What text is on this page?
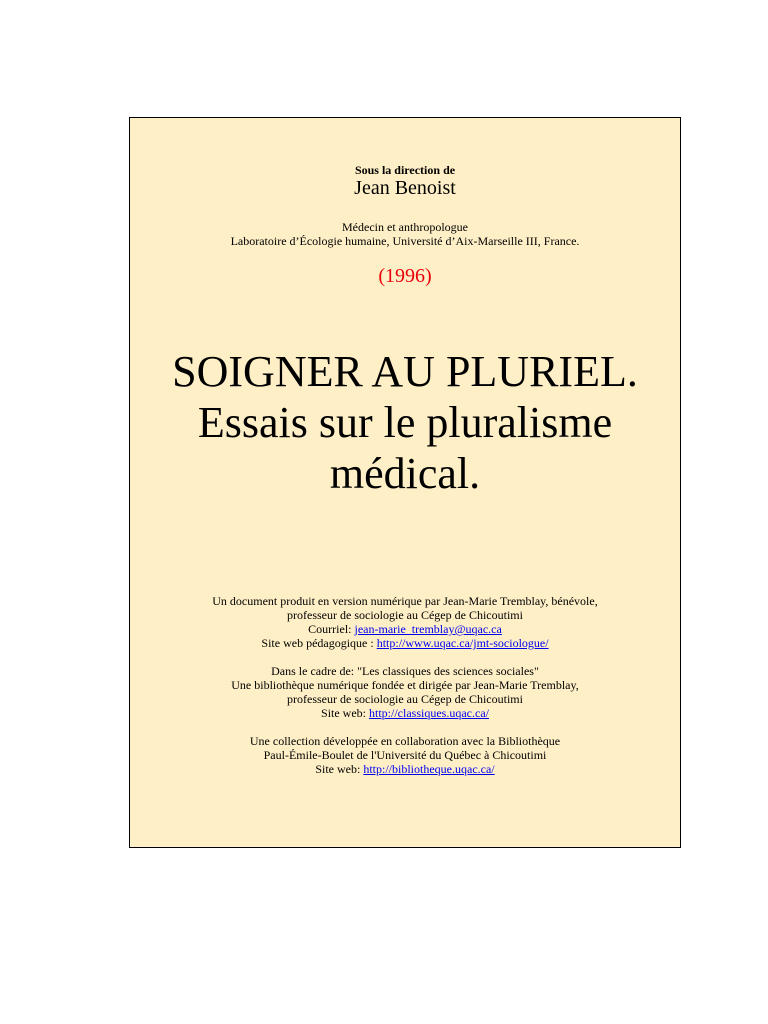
Sous la direction de
Jean Benoist
Médecin et anthropologue
Laboratoire d’Écologie humaine, Université d’Aix-Marseille III, France.
(1996)
SOIGNER AU PLURIEL.
Essais sur le pluralisme
médical.
Un document produit en version numérique par Jean-Marie Tremblay, bénévole,
professeur de sociologie au Cégep de Chicoutimi
Courriel: jean-marie_tremblay@uqac.ca
Site web pédagogique : http://www.uqac.ca/jmt-sociologue/
Dans le cadre de: "Les classiques des sciences sociales"
Une bibliothèque numérique fondée et dirigée par Jean-Marie Tremblay,
professeur de sociologie au Cégep de Chicoutimi
Site web: http://classiques.uqac.ca/
Une collection développée en collaboration avec la Bibliothèque
Paul-Émile-Boulet de l'Université du Québec à Chicoutimi
Site web: http://bibliotheque.uqac.ca/
